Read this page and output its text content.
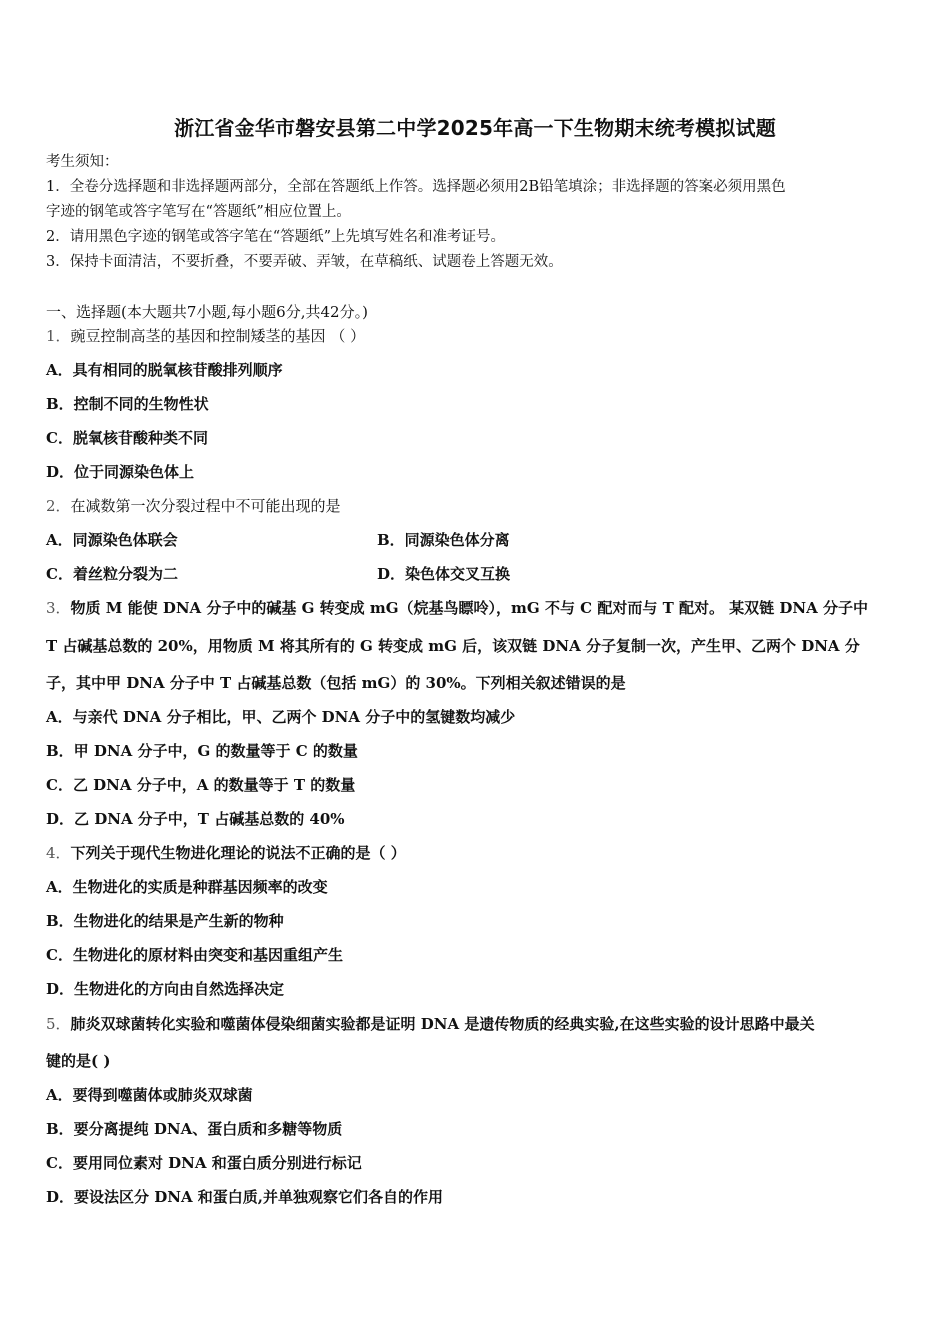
浙江省金华市磐安县第二中学2025年高一下生物期末统考模拟试题
考生须知：
1．全卷分选择题和非选择题两部分，全部在答题纸上作答。选择题必须用2B铅笔填涂；非选择题的答案必须用黑色
字迹的钢笔或答字笔写在“答题纸”相应位置上。
2．请用黑色字迹的钢笔或答字笔在“答题纸”上先填写姓名和准考证号。
3．保持卡面清洁，不要折叠，不要弄破、弄皱，在草稿纸、试题卷上答题无效。
一、选择题(本大题共7小题,每小题6分,共42分。)
1．豌豆控制高茎的基因和控制矮茎的基因 （ ）
A．具有相同的脱氧核苷酸排列顺序
B．控制不同的生物性状
C．脱氧核苷酸种类不同
D．位于同源染色体上
2．在减数第一次分裂过程中不可能出现的是
A．同源染色体联会	B．同源染色体分离
C．着丝粒分裂为二	D．染色体交叉互换
3．物质 M 能使 DNA 分子中的碱基 G 转变成 mG（烷基鸟瞟呤），mG 不与 C 配对而与 T 配对。 某双链 DNA 分子中
T 占碱基总数的 20%，用物质 M 将其所有的 G 转变成 mG 后，该双链 DNA 分子复制一次，产生甲、乙两个 DNA 分
子，其中甲 DNA 分子中 T 占碱基总数（包括 mG）的 30%。下列相关叙述错误的是
A．与亲代 DNA 分子相比，甲、乙两个 DNA 分子中的氢键数均减少
B．甲 DNA 分子中，G 的数量等于 C 的数量
C．乙 DNA 分子中，A 的数量等于 T 的数量
D．乙 DNA 分子中，T 占碱基总数的 40%
4．下列关于现代生物进化理论的说法不正确的是（ ）
A．生物进化的实质是种群基因频率的改变
B．生物进化的结果是产生新的物种
C．生物进化的原材料由突变和基因重组产生
D．生物进化的方向由自然选择决定
5．肺炎双球菌转化实验和噬菌体侵染细菌实验都是证明 DNA 是遗传物质的经典实验,在这些实验的设计思路中最关
键的是( )
A．要得到噬菌体或肺炎双球菌
B．要分离提纯 DNA、蛋白质和多糖等物质
C．要用同位素对 DNA 和蛋白质分别进行标记
D．要设法区分 DNA 和蛋白质,并单独观察它们各自的作用
